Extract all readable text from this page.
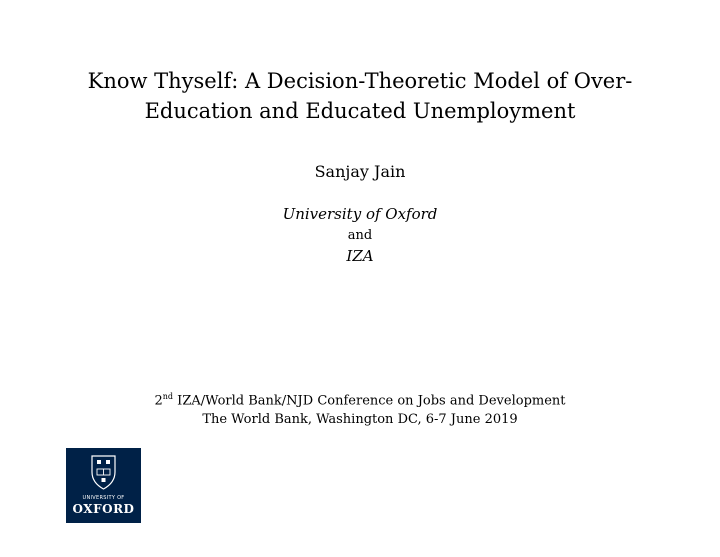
Know Thyself: A Decision-Theoretic Model of Over-
Education and Educated Unemployment
Sanjay Jain
University of Oxford
and
IZA
2nd IZA/World Bank/NJD Conference on Jobs and Development
The World Bank, Washington DC, 6-7 June 2019
UNIVERSITY OF
OXFORD
